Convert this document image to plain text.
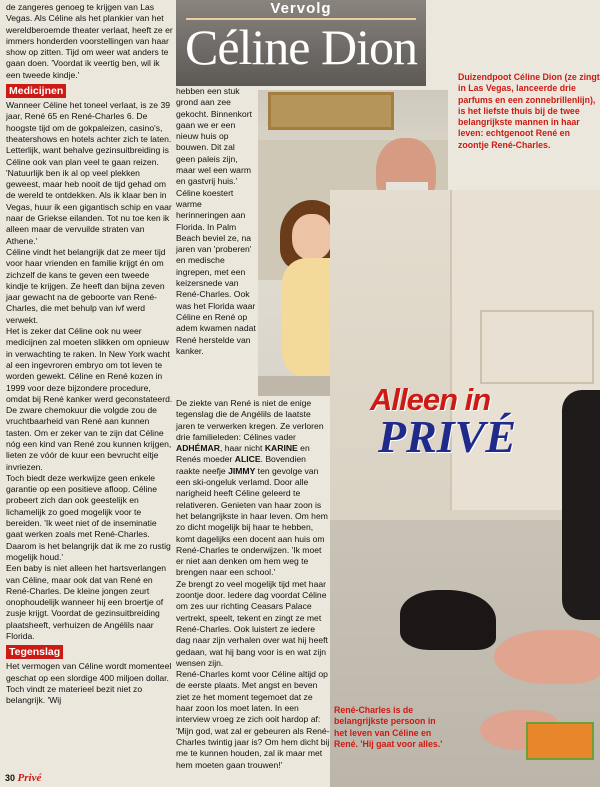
de zangeres genoeg te krijgen van Las Vegas. Als Céline als het plankier van het wereldberoemde theater verlaat, heeft ze er immers honderden voorstellingen van haar show op zitten. Tijd om weer wat anders te gaan doen. 'Voordat ik veertig ben, wil ik een tweede kindje.'

Medicijnen

Wanneer Céline het toneel verlaat, is ze 39 jaar, René 65 en René-Charles 6. De hoogste tijd om de gokpaleizen, casino's, theatershows en hotels achter zich te laten. Letterlijk, want behalve gezinsuitbreiding is Céline ook van plan veel te gaan reizen. 'Natuurlijk ben ik al op veel plekken geweest, maar heb nooit de tijd gehad om de wereld te ontdekken. Als ik klaar ben in Vegas, huur ik een gigantisch schip en vaar naar de Griekse eilanden. Tot nu toe ken ik alleen maar de vervuilde straten van Athene.'

Céline vindt het belangrijk dat ze meer tijd voor haar vrienden en familie krijgt én om zichzelf de kans te geven een tweede kindje te krijgen. Ze heeft dan bijna zeven jaar gewacht na de geboorte van René-Charles, die met behulp van ivf werd verwekt.

Het is zeker dat Céline ook nu weer medicijnen zal moeten slikken om opnieuw in verwachting te raken. In New York wacht al een ingevroren embryo om tot leven te worden gewekt. Céline en René kozen in 1999 voor deze bijzondere procedure, omdat bij René kanker werd geconstateerd. De zware chemokuur die volgde zou de vruchtbaarheid van René aan kunnen tasten. Om er zeker van te zijn dat Céline nóg een kind van René zou kunnen krijgen, lieten ze vóór de kuur een bevrucht eitje invriezen.

Toch biedt deze werkwijze geen enkele garantie op een positieve afloop. Céline probeert zich dan ook geestelijk en lichamelijk zo goed mogelijk voor te bereiden. 'Ik weet niet of de inseminatie gaat werken zoals met René-Charles. Daarom is het belangrijk dat ik me zo rustig mogelijk houd.'

Een baby is niet alleen het hartsverlangen van Céline, maar ook dat van René en René-Charles. De kleine jongen zeurt onophoudelijk wanneer hij een broertje of zusje krijgt. Voordat de gezinsuitbreiding plaatsheeft, verhuizen de Angélils naar Florida.

Tegenslag

Het vermogen van Céline wordt momenteel geschat op een slordige 400 miljoen dollar. Toch vindt ze materieel bezit niet zo belangrijk. 'Wij

Vervolg
Céline Dion

hebben een stuk grond aan zee gekocht. Binnenkort gaan we er een nieuw huis op bouwen. Dit zal geen paleis zijn, maar wel een warm en gastvrij huis.'

Céline koestert warme herinneringen aan Florida. In Palm Beach beviel ze, na jaren van 'proberen' en medische ingrepen, met een keizersnede van René-Charles. Ook was het Florida waar Céline en René op adem kwamen nadat René herstelde van kanker.

Duizendpoot Céline Dion (ze zingt in Las Vegas, lanceerde drie parfums en een zonnebrillenlijn), is het liefste thuis bij de twee belangrijkste mannen in haar leven: echtgenoot René en zoontje René-Charles.

De ziekte van René is niet de enige tegenslag die de Angélils de laatste jaren te verwerken kregen. Ze verloren drie familieleden: Célines vader ADHÉMAR, haar nicht KARINE en Renés moeder ALICE. Bovendien raakte neefje JIMMY ten gevolge van een ski-ongeluk verlamd. Door alle narigheid heeft Céline geleerd te relativeren. Genieten van haar zoon is het belangrijkste in haar leven. Om hem zo dicht mogelijk bij haar te hebben, komt dagelijks een docent aan huis om René-Charles te onderwijzen. 'Ik moet er niet aan denken om hem weg te brengen naar een school.'

Ze brengt zo veel mogelijk tijd met haar zoontje door. Iedere dag voordat Céline om zes uur richting Ceasars Palace vertrekt, speelt, tekent en zingt ze met René-Charles. Ook luistert ze iedere dag naar zijn verhalen over wat hij heeft gedaan, wat hij bang voor is en wat zijn wensen zijn.

René-Charles komt voor Céline altijd op de eerste plaats. Met angst en beven ziet ze het moment tegemoet dat ze haar zoon los moet laten. In een interview vroeg ze zich ooit hardop af: 'Mijn god, wat zal er gebeuren als René-Charles twintig jaar is? Om hem dicht bij me te kunnen houden, zal ik maar met hem moeten gaan trouwen!'

Alleen in
PRIVÉ
René-Charles is de belangrijkste persoon in het leven van Céline en René. 'Hij gaat voor alles.'
30 Privé
